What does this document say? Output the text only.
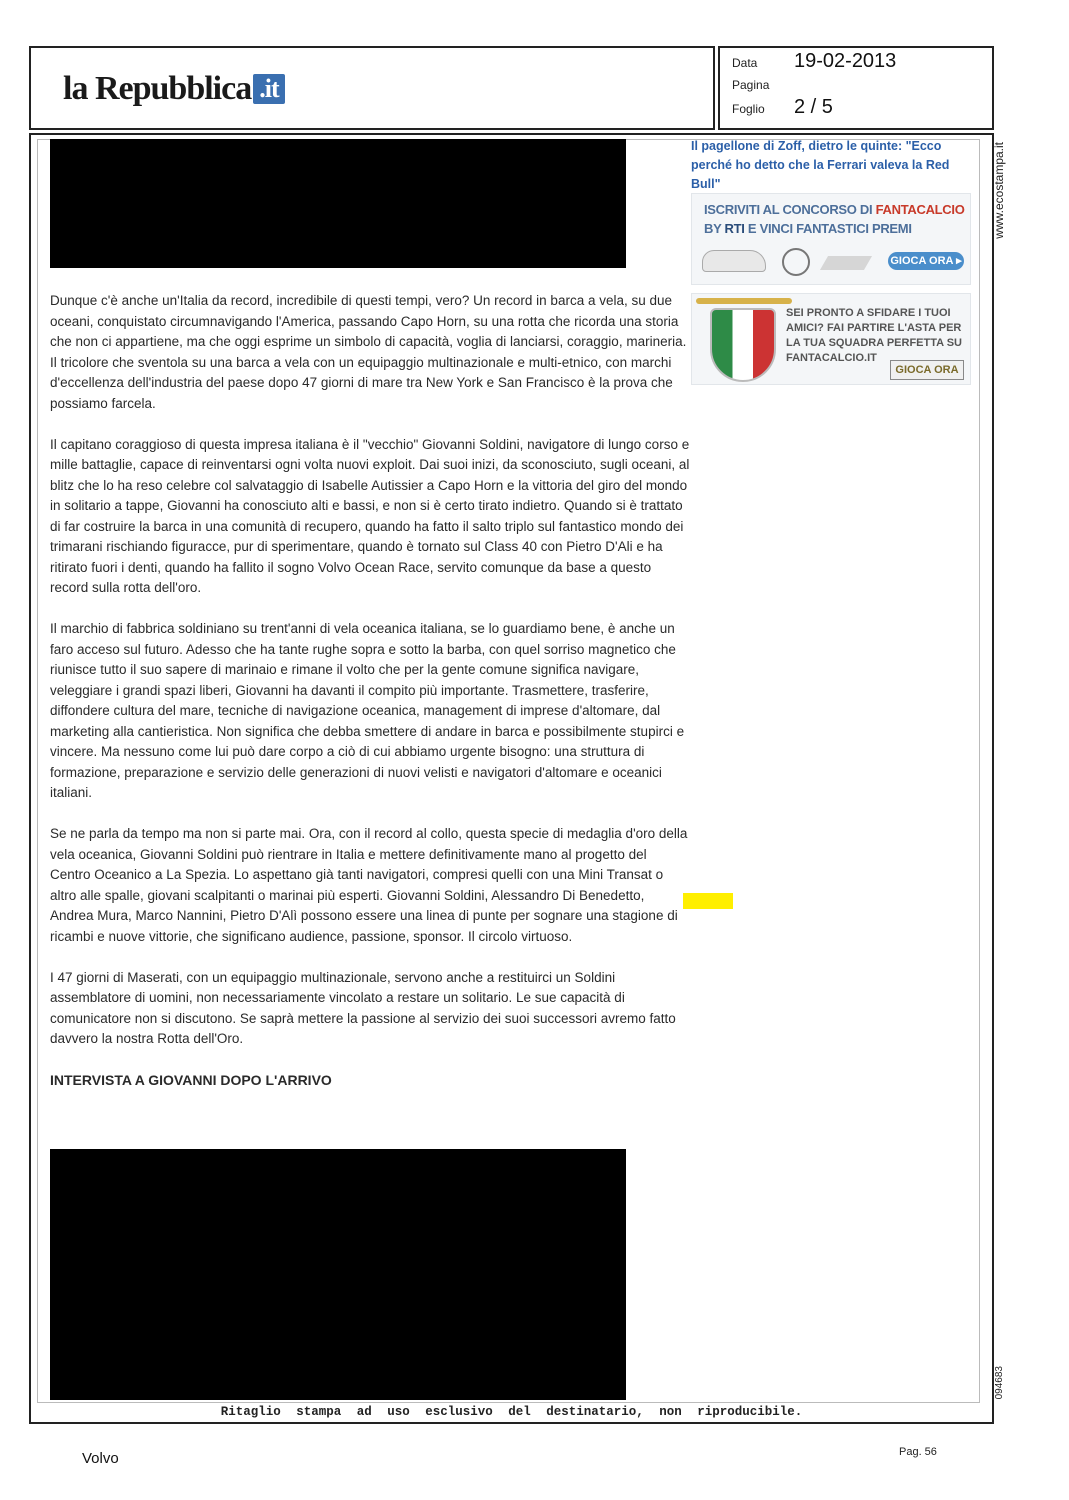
la Repubblica .it
Data 19-02-2013
Pagina
Foglio 2 / 5

Dunque c'è anche un'Italia da record, incredibile di questi tempi, vero? Un record in barca a vela, su due oceani, conquistato circumnavigando l'America, passando Capo Horn, su una rotta che ricorda una storia che non ci appartiene, ma che oggi esprime un simbolo di capacità, voglia di lanciarsi, coraggio, marineria. Il tricolore che sventola su una barca a vela con un equipaggio multinazionale e multi-etnico, con marchi d'eccellenza dell'industria del paese dopo 47 giorni di mare tra New York e San Francisco è la prova che possiamo farcela.

Il capitano coraggioso di questa impresa italiana è il "vecchio" Giovanni Soldini, navigatore di lungo corso e mille battaglie, capace di reinventarsi ogni volta nuovi exploit. Dai suoi inizi, da sconosciuto, sugli oceani, al blitz che lo ha reso celebre col salvataggio di Isabelle Autissier a Capo Horn e la vittoria del giro del mondo in solitario a tappe, Giovanni ha conosciuto alti e bassi, e non si è certo tirato indietro. Quando si è trattato di far costruire la barca in una comunità di recupero, quando ha fatto il salto triplo sul fantastico mondo dei trimarani rischiando figuracce, pur di sperimentare, quando è tornato sul Class 40 con Pietro D'Ali e ha ritirato fuori i denti, quando ha fallito il sogno Volvo Ocean Race, servito comunque da base a questo record sulla rotta dell'oro.

Il marchio di fabbrica soldiniano su trent'anni di vela oceanica italiana, se lo guardiamo bene, è anche un faro acceso sul futuro. Adesso che ha tante rughe sopra e sotto la barba, con quel sorriso magnetico che riunisce tutto il suo sapere di marinaio e rimane il volto che per la gente comune significa navigare, veleggiare i grandi spazi liberi, Giovanni ha davanti il compito più importante. Trasmettere, trasferire, diffondere cultura del mare, tecniche di navigazione oceanica, management di imprese d'altomare, dal marketing alla cantieristica. Non significa che debba smettere di andare in barca e possibilmente stupirci e vincere. Ma nessuno come lui può dare corpo a ciò di cui abbiamo urgente bisogno: una struttura di formazione, preparazione e servizio delle generazioni di nuovi velisti e navigatori d'altomare e oceanici italiani.

Se ne parla da tempo ma non si parte mai. Ora, con il record al collo, questa specie di medaglia d'oro della vela oceanica, Giovanni Soldini può rientrare in Italia e mettere definitivamente mano al progetto del Centro Oceanico a La Spezia. Lo aspettano già tanti navigatori, compresi quelli con una Mini Transat o altro alle spalle, giovani scalpitanti o marinai più esperti. Giovanni Soldini, Alessandro Di Benedetto, Andrea Mura, Marco Nannini, Pietro D'Alì possono essere una linea di punte per sognare una stagione di ricambi e nuove vittorie, che significano audience, passione, sponsor. Il circolo virtuoso.

I 47 giorni di Maserati, con un equipaggio multinazionale, servono anche a restituirci un Soldini assemblatore di uomini, non necessariamente vincolato a restare un solitario. Le sue capacità di comunicatore non si discutono. Se saprà mettere la passione al servizio dei suoi successori avremo fatto davvero la nostra Rotta dell'Oro.

INTERVISTA A GIOVANNI DOPO L'ARRIVO
Il pagellone di Zoff, dietro le quinte: "Ecco perché ho detto che la Ferrari valeva la Red Bull"
ISCRIVITI AL CONCORSO DI FANTACALCIO
BY RTI E VINCI FANTASTICI PREMI
GIOCA ORA ▸
SEI PRONTO A SFIDARE I TUOI AMICI? FAI PARTIRE L'ASTA PER LA TUA SQUADRA PERFETTA SU FANTACALCIO.IT
GIOCA ORA
www.ecostampa.it
094683
Ritaglio stampa ad uso esclusivo del destinatario, non riproducibile.
Volvo	Pag. 56
